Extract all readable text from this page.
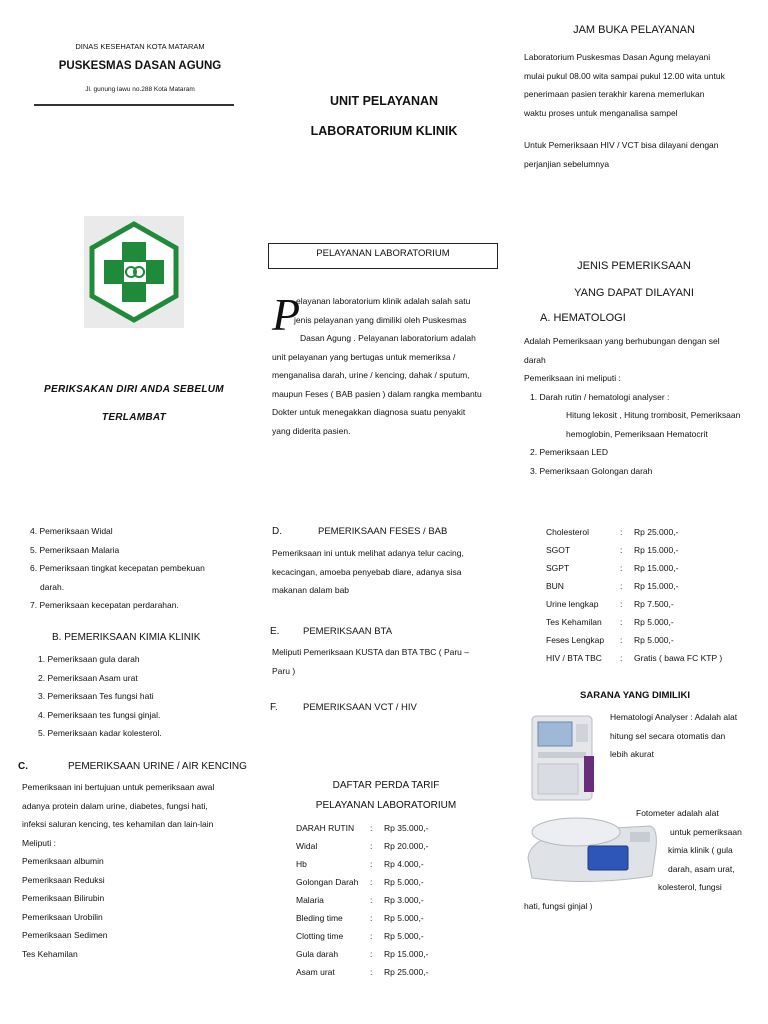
DINAS KESEHATAN KOTA MATARAM
PUSKESMAS DASAN AGUNG
Jl. gunung lawu no.288 Kota Mataram
PERIKSAKAN DIRI ANDA SEBELUM
TERLAMBAT
UNIT PELAYANAN
LABORATORIUM KLINIK
PELAYANAN LABORATORIUM
P
elayanan laboratorium klinik adalah salah satu
jenis pelayanan yang dimiliki oleh Puskesmas
Dasan Agung . Pelayanan laboratorium adalah
unit pelayanan yang bertugas untuk memeriksa /
menganalisa darah, urine / kencing, dahak / sputum,
maupun Feses ( BAB pasien ) dalam rangka membantu
Dokter untuk menegakkan diagnosa suatu penyakit
yang diderita pasien.
JAM BUKA PELAYANAN
Laboratorium Puskesmas Dasan Agung melayani
mulai pukul 08.00 wita sampai pukul 12.00 wita untuk
penerimaan pasien terakhir karena memerlukan
waktu proses untuk menganalisa sampel
Untuk Pemeriksaan HIV / VCT bisa dilayani dengan
perjanjian sebelumnya
JENIS PEMERIKSAAN
YANG DAPAT DILAYANI
A. HEMATOLOGI
Adalah Pemeriksaan yang berhubungan dengan sel
darah
Pemeriksaan ini meliputi :
1. Darah rutin / hematologi analyser :
Hitung lekosit , Hitung trombosit, Pemeriksaan
hemoglobin, Pemeriksaan Hematocrit
2. Pemeriksaan LED
3. Pemeriksaan Golongan darah
4. Pemeriksaan Widal
5. Pemeriksaan Malaria
6. Pemeriksaan tingkat kecepatan pembekuan
darah.
7. Pemeriksaan kecepatan perdarahan.
B. PEMERIKSAAN KIMIA KLINIK
1. Pemeriksaan gula darah
2. Pemeriksaan Asam urat
3. Pemeriksaan Tes fungsi hati
4. Pemeriksaan tes fungsi ginjal.
5. Pemeriksaan kadar kolesterol.
C.	PEMERIKSAAN URINE / AIR KENCING
Pemeriksaan ini bertujuan untuk pemeriksaan awal
adanya protein dalam urine, diabetes, fungsi hati,
infeksi saluran kencing, tes kehamilan dan lain-lain
Meliputi :
Pemeriksaan albumin
Pemeriksaan Reduksi
Pemeriksaan Bilirubin
Pemeriksaan Urobilin
Pemeriksaan Sedimen
Tes Kehamilan
D.	PEMERIKSAAN FESES / BAB
Pemeriksaan ini untuk melihat adanya telur cacing,
kecacingan, amoeba penyebab diare, adanya sisa
makanan dalam bab
E. PEMERIKSAAN BTA
Meliputi Pemeriksaan KUSTA dan BTA TBC ( Paru –
Paru )
F.	PEMERIKSAAN VCT / HIV
DAFTAR PERDA TARIF
PELAYANAN LABORATORIUM
DARAH RUTIN	:	Rp 35.000,-
Widal	:	Rp 20.000,-
Hb	:	Rp 4.000,-
Golongan Darah	:	Rp 5.000,-
Malaria	:	Rp 3.000,-
Bleding time	:	Rp 5.000,-
Clotting time	:	Rp 5.000,-
Gula darah	:	Rp 15.000,-
Asam urat	:	Rp 25.000,-
Cholesterol	:	Rp 25.000,-
SGOT	:	Rp 15.000,-
SGPT	:	Rp 15.000,-
BUN	:	Rp 15.000,-
Urine lengkap	:	Rp 7.500,-
Tes Kehamilan	:	Rp 5.000,-
Feses Lengkap	:	Rp 5.000,-
HIV / BTA TBC	:	Gratis ( bawa FC KTP )
SARANA YANG DIMILIKI
Hematologi Analyser : Adalah alat
hitung sel secara otomatis dan
lebih akurat
Fotometer adalah alat
untuk pemeriksaan
kimia klinik ( gula
darah, asam urat,
kolesterol, fungsi
hati, fungsi ginjal )
